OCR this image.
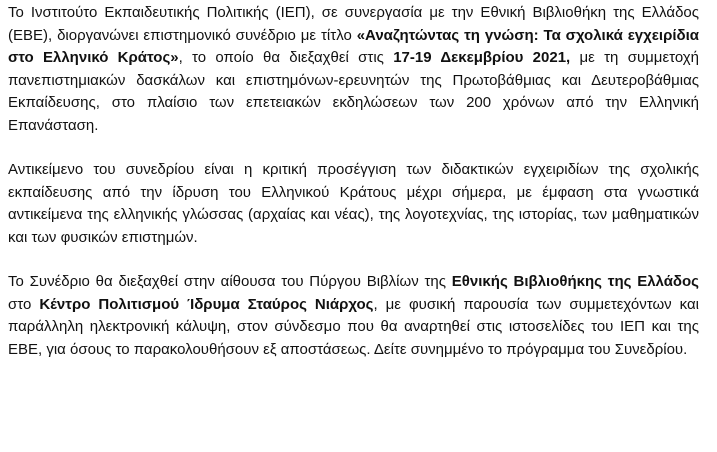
Το Ινστιτούτο Εκπαιδευτικής Πολιτικής (ΙΕΠ), σε συνεργασία με την Εθνική Βιβλιοθήκη της Ελλάδος (ΕΒΕ), διοργανώνει επιστημονικό συνέδριο με τίτλο «Αναζητώντας τη γνώση: Τα σχολικά εγχειρίδια στο Ελληνικό Κράτος», το οποίο θα διεξαχθεί στις 17-19 Δεκεμβρίου 2021, με τη συμμετοχή πανεπιστημιακών δασκάλων και επιστημόνων-ερευνητών της Πρωτοβάθμιας και Δευτεροβάθμιας Εκπαίδευσης, στο πλαίσιο των επετειακών εκδηλώσεων των 200 χρόνων από την Ελληνική Επανάσταση.

Αντικείμενο του συνεδρίου είναι η κριτική προσέγγιση των διδακτικών εγχειριδίων της σχολικής εκπαίδευσης από την ίδρυση του Ελληνικού Κράτους μέχρι σήμερα, με έμφαση στα γνωστικά αντικείμενα της ελληνικής γλώσσας (αρχαίας και νέας), της λογοτεχνίας, της ιστορίας, των μαθηματικών και των φυσικών επιστημών.

Το Συνέδριο θα διεξαχθεί στην αίθουσα του Πύργου Βιβλίων της Εθνικής Βιβλιοθήκης της Ελλάδος στο Κέντρο Πολιτισμού Ίδρυμα Σταύρος Νιάρχος, με φυσική παρουσία των συμμετεχόντων και παράλληλη ηλεκτρονική κάλυψη, στον σύνδεσμο που θα αναρτηθεί στις ιστοσελίδες του ΙΕΠ και της ΕΒΕ, για όσους το παρακολουθήσουν εξ αποστάσεως. Δείτε συνημμένο το πρόγραμμα του Συνεδρίου.
